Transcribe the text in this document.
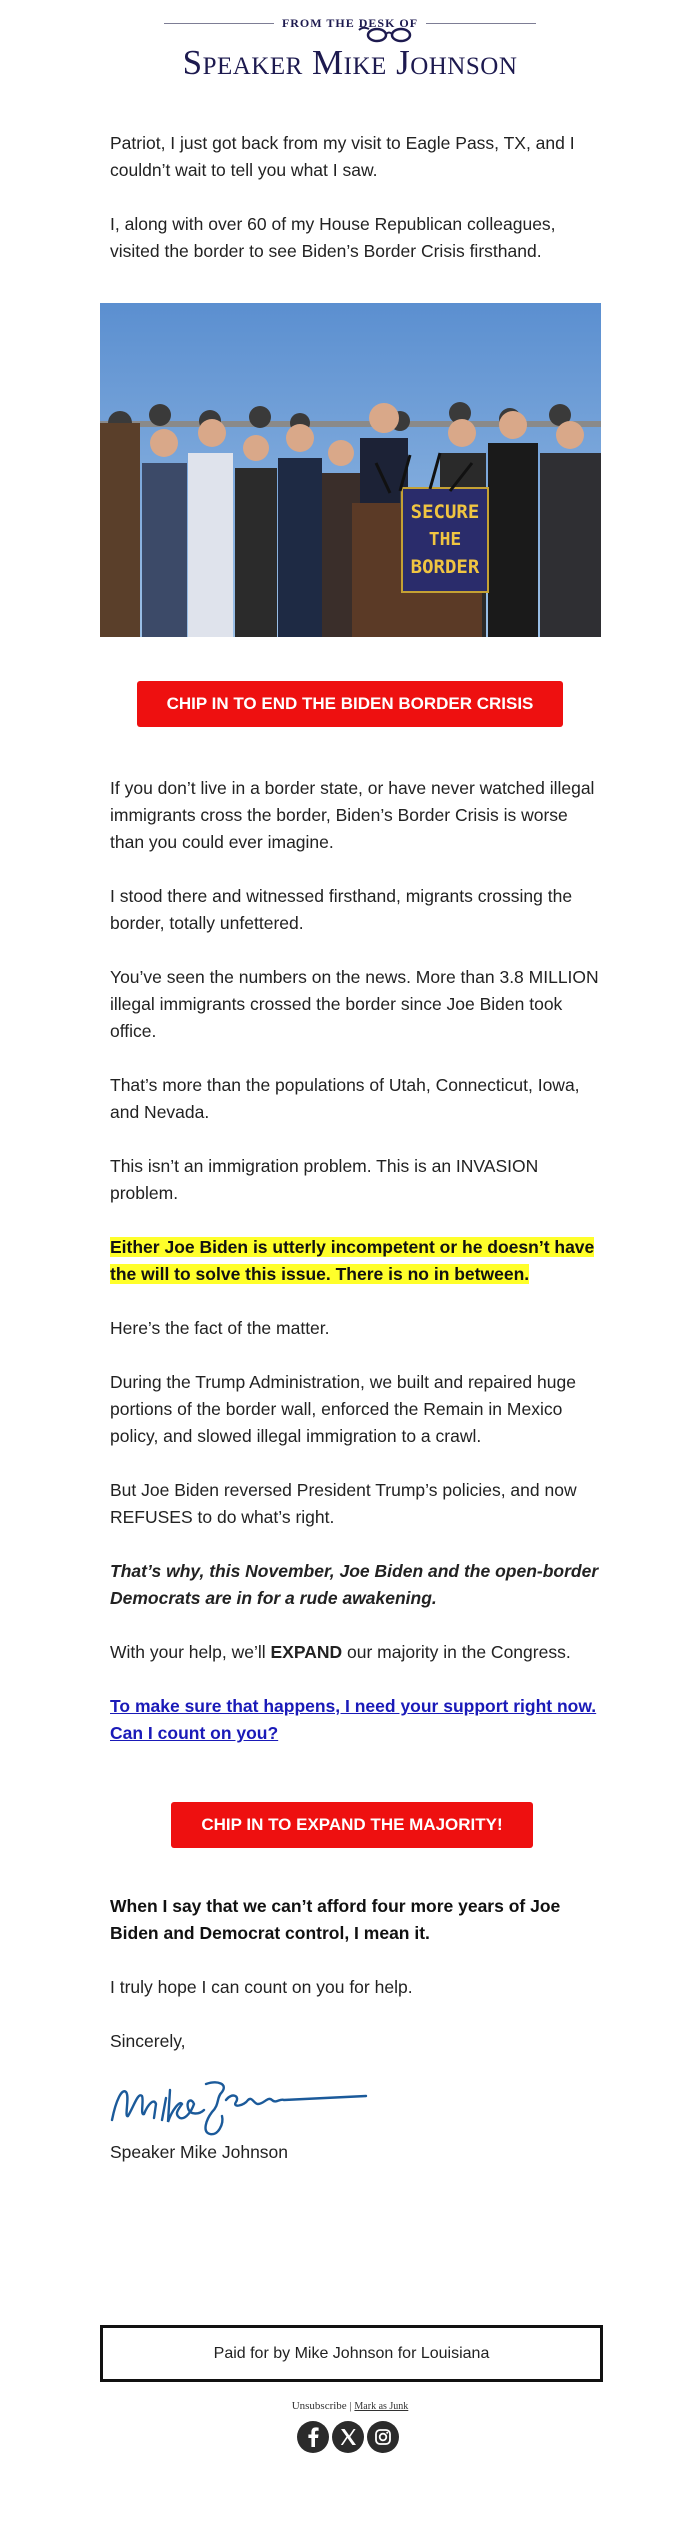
FROM THE DESK OF
Speaker Mike Johnson

Patriot, I just got back from my visit to Eagle Pass, TX, and I couldn’t wait to tell you what I saw.

I, along with over 60 of my House Republican colleagues, visited the border to see Biden’s Border Crisis firsthand.

SECURE
THE
BORDER
CHIP IN TO END THE BIDEN BORDER CRISIS

If you don’t live in a border state, or have never watched illegal immigrants cross the border, Biden’s Border Crisis is worse than you could ever imagine.

I stood there and witnessed firsthand, migrants crossing the border, totally unfettered.

You’ve seen the numbers on the news. More than 3.8 MILLION illegal immigrants crossed the border since Joe Biden took office.

That’s more than the populations of Utah, Connecticut, Iowa, and Nevada.

This isn’t an immigration problem. This is an INVASION problem.

Either Joe Biden is utterly incompetent or he doesn’t have the will to solve this issue. There is no in between.

Here’s the fact of the matter.

During the Trump Administration, we built and repaired huge portions of the border wall, enforced the Remain in Mexico policy, and slowed illegal immigration to a crawl.

But Joe Biden reversed President Trump’s policies, and now REFUSES to do what’s right.

That’s why, this November, Joe Biden and the open-border Democrats are in for a rude awakening.

With your help, we’ll EXPAND our majority in the Congress.

To make sure that happens, I need your support right now. Can I count on you?

CHIP IN TO EXPAND THE MAJORITY!

When I say that we can’t afford four more years of Joe Biden and Democrat control, I mean it.

I truly hope I can count on you for help.

Sincerely,

Speaker Mike Johnson

Paid for by Mike Johnson for Louisiana
Unsubscribe | Mark as Junk
